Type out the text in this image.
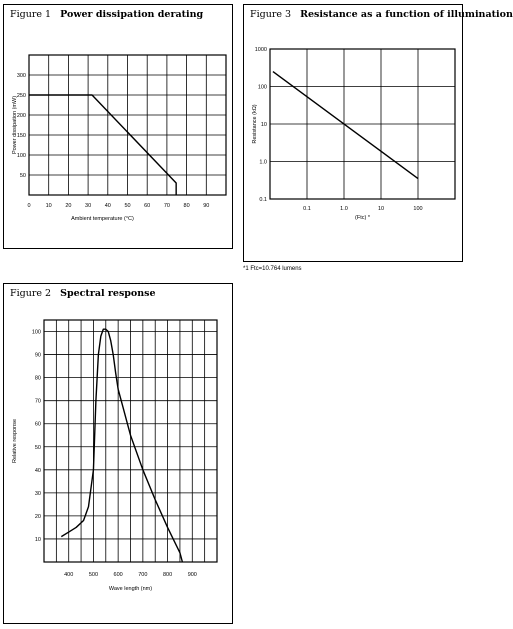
Figure 1 Power dissipation derating
0	10 20 30 40 50 60 70 80 90
50
100
150
200
250
300
Ambient temperature (°C)
Power dissipation (mW)
Figure 3 Resistance as a function of illumination
0.1	1.0	10	100
0.1
1.0
10
100
1000
(Ftc) *
Resistance (kΩ)
*1 Ftc=10.764 lumens
Figure 2 Spectral response
400	500	600	700	800	900
10
20
30
40
50
60
70
80
90
100
Wave length (nm)
Relative response
